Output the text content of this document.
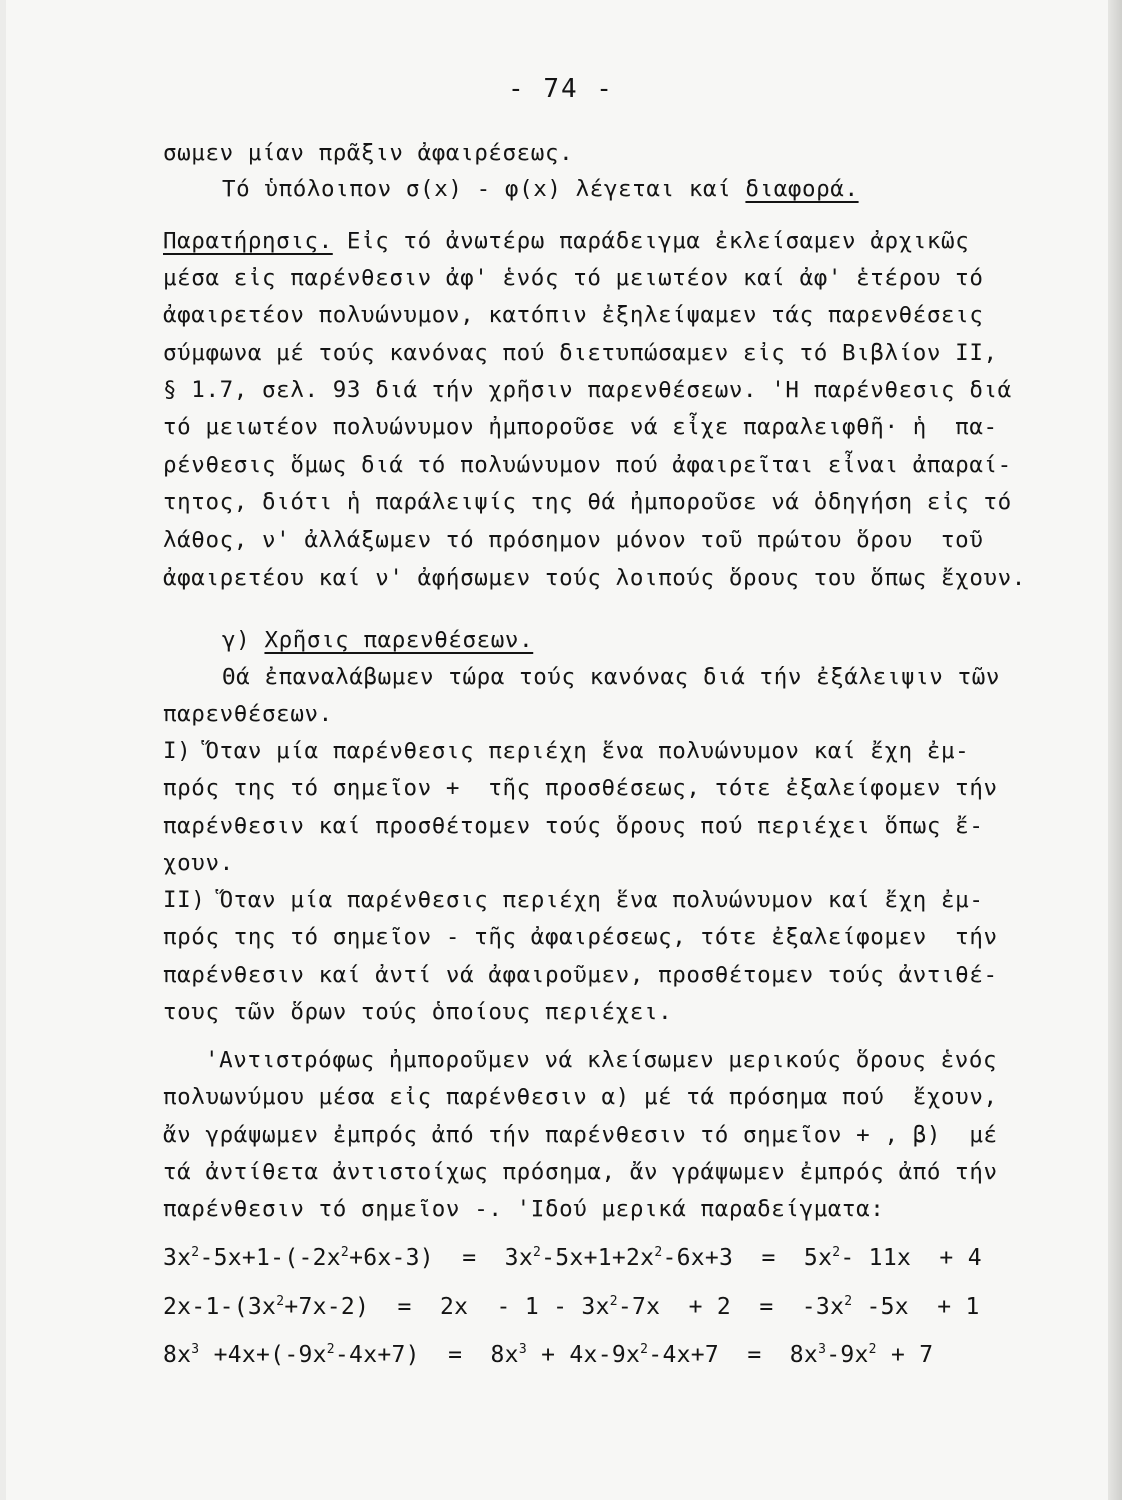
- 74 -
σωμεν μίαν πρᾶξιν ἀφαιρέσεως.
Τό ὑπόλοιπον σ(x) - φ(x) λέγεται καί διαφορά.
Παρατήρησις. Εἰς τό ἀνωτέρω παράδειγμα ἐκλείσαμεν ἀρχικῶς
μέσα εἰς παρένθεσιν ἀφ' ἑνός τό μειωτέον καί ἀφ' ἑτέρου τό
ἀφαιρετέον πολυώνυμον, κατόπιν ἐξηλείψαμεν τάς παρενθέσεις
σύμφωνα μέ τούς κανόνας πού διετυπώσαμεν εἰς τό Βιβλίον II,
§ 1.7, σελ. 93 διά τήν χρῆσιν παρενθέσεων. 'Η παρένθεσις διά
τό μειωτέον πολυώνυμον ἠμποροῦσε νά εἶχε παραλειφθῆ· ἡ  πα-
ρένθεσις ὅμως διά τό πολυώνυμον πού ἀφαιρεῖται εἶναι ἀπαραί-
τητος, διότι ἡ παράλειψίς της θά ἠμποροῦσε νά ὁδηγήση εἰς τό
λάθος, ν' ἀλλάξωμεν τό πρόσημον μόνον τοῦ πρώτου ὅρου  τοῦ
ἀφαιρετέου καί ν' ἀφήσωμεν τούς λοιπούς ὅρους του ὅπως ἔχουν.
γ) Χρῆσις παρενθέσεων.
Θά ἐπαναλάβωμεν τώρα τούς κανόνας διά τήν ἐξάλειψιν τῶν
παρενθέσεων.
I) Ὅταν μία παρένθεσις περιέχη ἕνα πολυώνυμον καί ἔχη ἐμ-
πρός της τό σημεῖον +  τῆς προσθέσεως, τότε ἐξαλείφομεν τήν
παρένθεσιν καί προσθέτομεν τούς ὅρους πού περιέχει ὅπως ἔ-
χουν.
II) Ὅταν μία παρένθεσις περιέχη ἕνα πολυώνυμον καί ἔχη ἐμ-
πρός της τό σημεῖον - τῆς ἀφαιρέσεως, τότε ἐξαλείφομεν  τήν
παρένθεσιν καί ἀντί νά ἀφαιροῦμεν, προσθέτομεν τούς ἀντιθέ-
τους τῶν ὅρων τούς ὁποίους περιέχει.
'Αντιστρόφως ἠμποροῦμεν νά κλείσωμεν μερικούς ὅρους ἑνός
πολυωνύμου μέσα εἰς παρένθεσιν α) μέ τά πρόσημα πού  ἔχουν,
ἄν γράψωμεν ἐμπρός ἀπό τήν παρένθεσιν τό σημεῖον + , β)  μέ
τά ἀντίθετα ἀντιστοίχως πρόσημα, ἄν γράψωμεν ἐμπρός ἀπό τήν
παρένθεσιν τό σημεῖον -. 'Ιδού μερικά παραδείγματα:
$3x^2-5x+1-(-2x^2+6x-3) = 3x^2-5x+1+2x^2-6x+3 = 5x^2-$ 11x  + 4
$2x-1-(3x^2+7x-2) = 2x - 1 - 3x^2-7x + 2 = -3x^2$ -5x  + 1
$8x^3 +4x+(-9x^2-4x+7) = 8x^3 + 4x-9x^2-4x+7 = 8x^3-9x^2 + 7$
